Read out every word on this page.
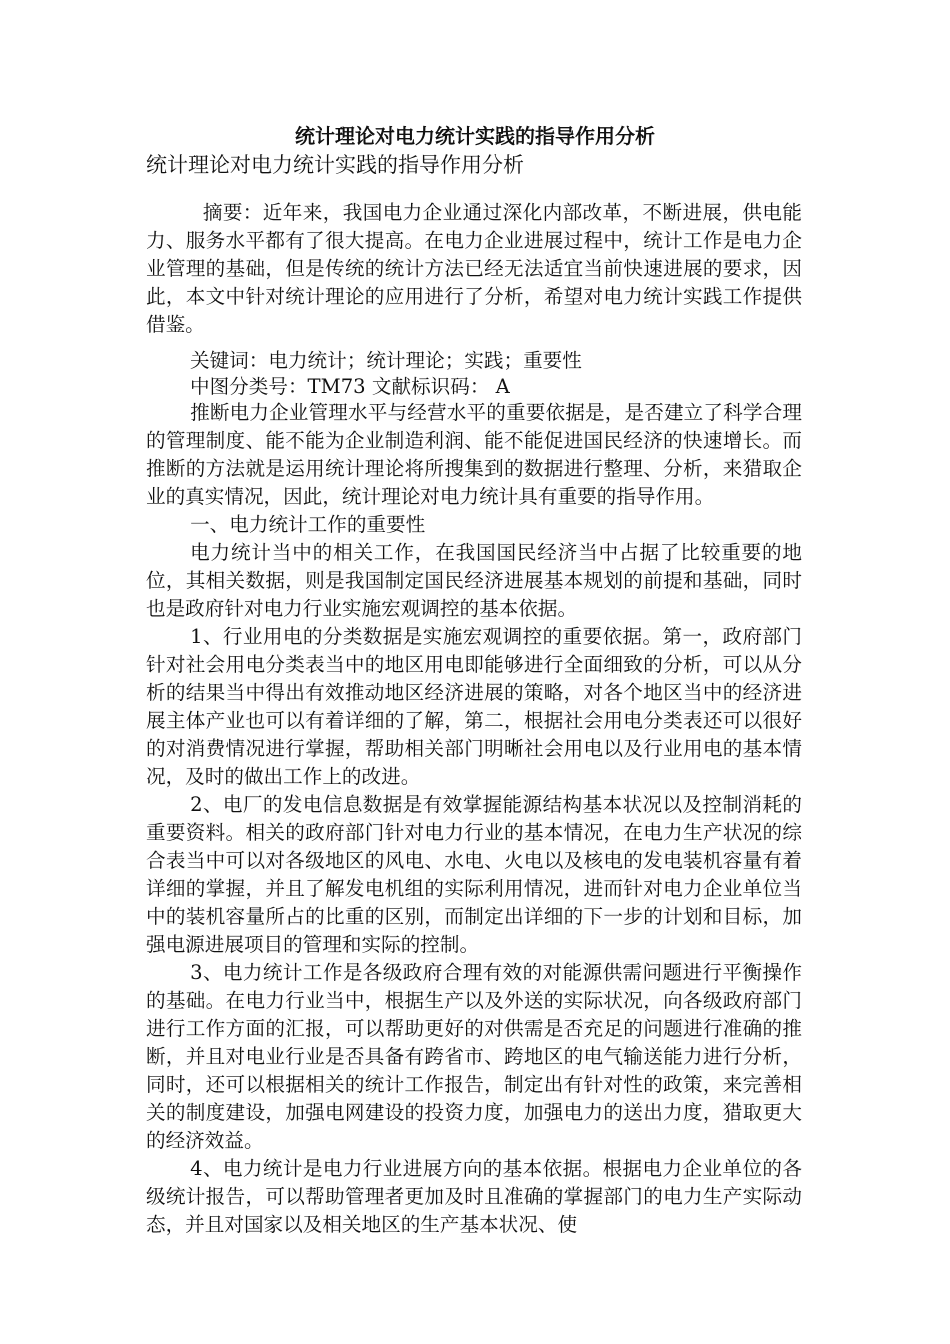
统计理论对电力统计实践的指导作用分析
统计理论对电力统计实践的指导作用分析

摘要：近年来，我国电力企业通过深化内部改革，不断进展，供电能力、服务水平都有了很大提高。在电力企业进展过程中，统计工作是电力企业管理的基础，但是传统的统计方法已经无法适宜当前快速进展的要求，因此，本文中针对统计理论的应用进行了分析，希望对电力统计实践工作提供借鉴。

关键词：电力统计；统计理论；实践；重要性
中图分类号：TM73 文献标识码： A

推断电力企业管理水平与经营水平的重要依据是，是否建立了科学合理的管理制度、能不能为企业制造利润、能不能促进国民经济的快速增长。而推断的方法就是运用统计理论将所搜集到的数据进行整理、分析，来猎取企业的真实情况，因此，统计理论对电力统计具有重要的指导作用。

一、电力统计工作的重要性

电力统计当中的相关工作，在我国国民经济当中占据了比较重要的地位，其相关数据，则是我国制定国民经济进展基本规划的前提和基础，同时也是政府针对电力行业实施宏观调控的基本依据。

1、行业用电的分类数据是实施宏观调控的重要依据。第一，政府部门针对社会用电分类表当中的地区用电即能够进行全面细致的分析，可以从分析的结果当中得出有效推动地区经济进展的策略，对各个地区当中的经济进展主体产业也可以有着详细的了解，第二，根据社会用电分类表还可以很好的对消费情况进行掌握，帮助相关部门明晰社会用电以及行业用电的基本情况，及时的做出工作上的改进。

2、电厂的发电信息数据是有效掌握能源结构基本状况以及控制消耗的重要资料。相关的政府部门针对电力行业的基本情况，在电力生产状况的综合表当中可以对各级地区的风电、水电、火电以及核电的发电装机容量有着详细的掌握，并且了解发电机组的实际利用情况，进而针对电力企业单位当中的装机容量所占的比重的区别，而制定出详细的下一步的计划和目标，加强电源进展项目的管理和实际的控制。

3、电力统计工作是各级政府合理有效的对能源供需问题进行平衡操作的基础。在电力行业当中，根据生产以及外送的实际状况，向各级政府部门进行工作方面的汇报，可以帮助更好的对供需是否充足的问题进行准确的推断，并且对电业行业是否具备有跨省市、跨地区的电气输送能力进行分析，同时，还可以根据相关的统计工作报告，制定出有针对性的政策，来完善相关的制度建设，加强电网建设的投资力度，加强电力的送出力度，猎取更大的经济效益。

4、电力统计是电力行业进展方向的基本依据。根据电力企业单位的各级统计报告，可以帮助管理者更加及时且准确的掌握部门的电力生产实际动态，并且对国家以及相关地区的生产基本状况、使
